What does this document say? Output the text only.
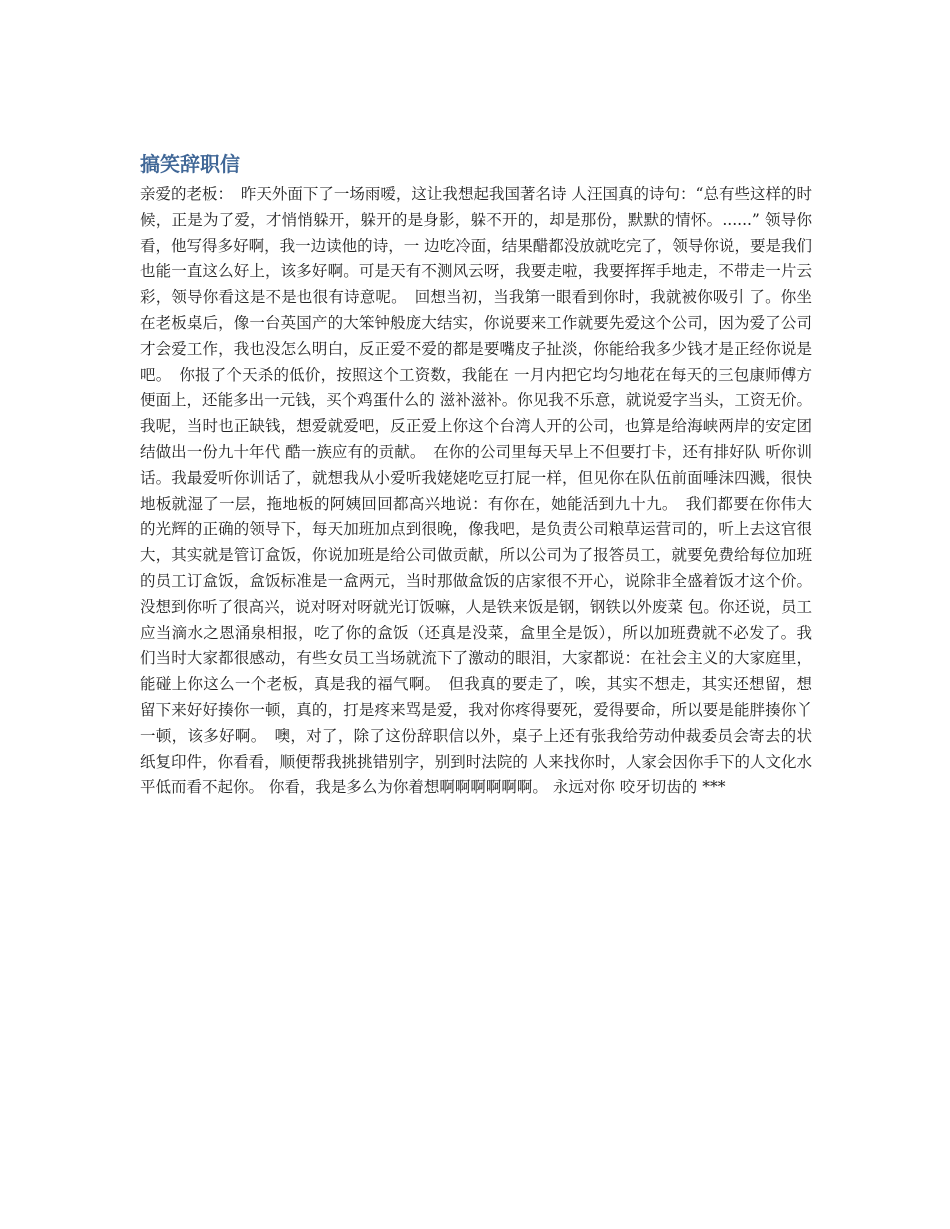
搞笑辞职信

亲爱的老板：　昨天外面下了一场雨嗳，这让我想起我国著名诗 人汪国真的诗句：“总有些这样的时候，正是为了爱，才悄悄躲开，躲开的是身影，躲不开的，却是那份，默默的情怀。......” 领导你看，他写得多好啊，我一边读他的诗，一 边吃冷面，结果醋都没放就吃完了，领导你说，要是我们也能一直这么好上，该多好啊。可是天有不测风云呀，我要走啦，我要挥挥手地走，不带走一片云彩，领导你看这是不是也很有诗意呢。　回想当初，当我第一眼看到你时，我就被你吸引 了。你坐在老板桌后，像一台英国产的大笨钟般庞大结实，你说要来工作就要先爱这个公司，因为爱了公司才会爱工作，我也没怎么明白，反正爱不爱的都是要嘴皮子扯淡，你能给我多少钱才是正经你说是吧。　你报了个天杀的低价，按照这个工资数，我能在 一月内把它均匀地花在每天的三包康师傅方便面上，还能多出一元钱，买个鸡蛋什么的 滋补滋补。你见我不乐意，就说爱字当头，工资无价。我呢，当时也正缺钱，想爱就爱吧，反正爱上你这个台湾人开的公司，也算是给海峡两岸的安定团结做出一份九十年代 酷一族应有的贡献。　在你的公司里每天早上不但要打卡，还有排好队 听你训话。我最爱听你训话了，就想我从小爱听我姥姥吃豆打屁一样，但见你在队伍前面唾沫四溅，很快地板就湿了一层，拖地板的阿姨回回都高兴地说：有你在，她能活到九十九。　我们都要在你伟大的光辉的正确的领导下，每天加班加点到很晚，像我吧，是负责公司粮草运营司的，听上去这官很大，其实就是管订盒饭，你说加班是给公司做贡献，所以公司为了报答员工，就要免费给每位加班的员工订盒饭，盒饭标准是一盒两元，当时那做盒饭的店家很不开心，说除非全盛着饭才这个价。没想到你听了很高兴，说对呀对呀就光订饭嘛，人是铁来饭是钢，钢铁以外废菜 包。你还说，员工应当滴水之恩涌泉相报，吃了你的盒饭（还真是没菜，盒里全是饭），所以加班费就不必发了。我们当时大家都很感动，有些女员工当场就流下了激动的眼泪，大家都说：在社会主义的大家庭里，能碰上你这么一个老板，真是我的福气啊。　但我真的要走了，唉，其实不想走，其实还想留，想留下来好好揍你一顿，真的，打是疼来骂是爱，我对你疼得要死，爱得要命，所以要是能胖揍你丫一顿，该多好啊。　噢，对了，除了这份辞职信以外，桌子上还有张我给劳动仲裁委员会寄去的状纸复印件，你看看，顺便帮我挑挑错别字，别到时法院的 人来找你时，人家会因你手下的人文化水平低而看不起你。 你看，我是多么为你着想啊啊啊啊啊啊。 永远对你 咬牙切齿的 ***
